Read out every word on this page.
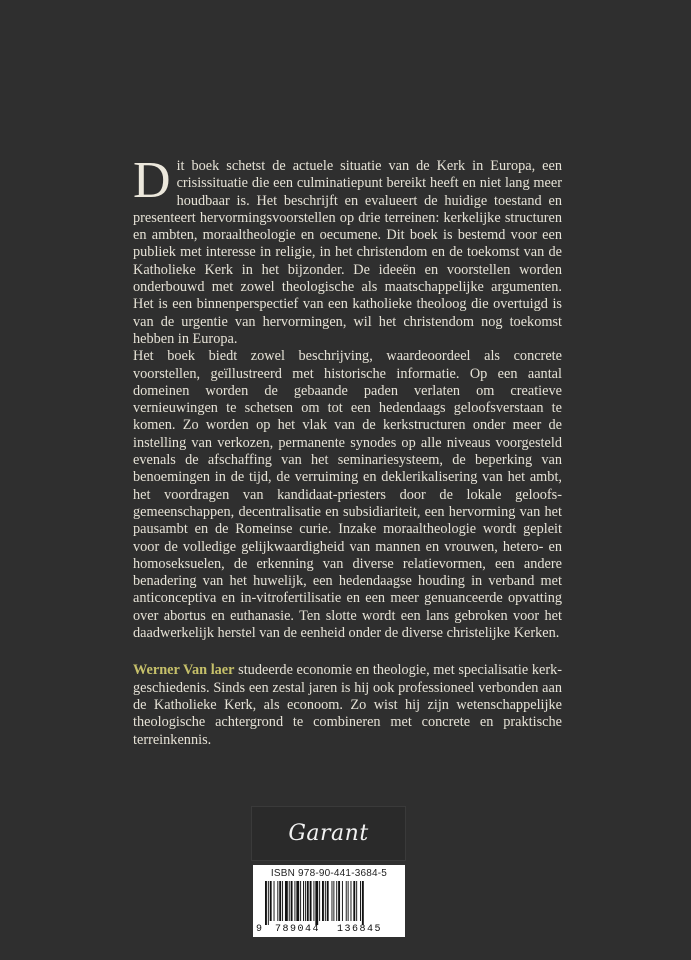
Dit boek schetst de actuele situatie van de Kerk in Europa, een crisissituatie die een culminatiepunt bereikt heeft en niet lang meer houdbaar is. Het beschrijft en evalueert de huidige toestand en presenteert hervormingsvoorstellen op drie terreinen: kerkelijke structuren en ambten, moraaltheologie en oecumene. Dit boek is bestemd voor een publiek met interesse in religie, in het christendom en de toekomst van de Katholieke Kerk in het bijzonder. De ideeën en voorstellen worden onderbouwd met zowel theologische als maatschappelijke argumenten. Het is een binnenperspectief van een katholieke theoloog die overtuigd is van de urgentie van hervormingen, wil het christendom nog toekomst hebben in Europa.

Het boek biedt zowel beschrijving, waardeoordeel als concrete voorstellen, geïllustreerd met historische informatie. Op een aantal domeinen worden de gebaande paden verlaten om creatieve vernieuwingen te schetsen om tot een hedendaags geloofsverstaan te komen. Zo worden op het vlak van de kerkstructuren onder meer de instelling van verkozen, permanente synodes op alle niveaus voorgesteld evenals de afschaffing van het seminariesysteem, de beperking van benoemingen in de tijd, de verruiming en deklerikalisering van het ambt, het voordragen van kandidaat-priesters door de lokale geloofsgemeenschappen, decentralisatie en subsidiariteit, een hervorming van het pausambt en de Romeinse curie. Inzake moraaltheologie wordt gepleit voor de volledige gelijkwaardigheid van mannen en vrouwen, hetero- en homoseksuelen, de erkenning van diverse relatievormen, een andere benadering van het huwelijk, een hedendaagse houding in verband met anticonceptiva en in-vitrofertilisatie en een meer genuanceerde opvatting over abortus en euthanasie. Ten slotte wordt een lans gebroken voor het daadwerkelijk herstel van de eenheid onder de diverse christelijke Kerken.

Werner Van laer studeerde economie en theologie, met specialisatie kerkgeschiedenis. Sinds een zestal jaren is hij ook professioneel verbonden aan de Katholieke Kerk, als econoom. Zo wist hij zijn wetenschappelijke theologische achtergrond te combineren met concrete en praktische terreinkennis.

Garant
ISBN 978-90-441-3684-5
9 789044 136845
